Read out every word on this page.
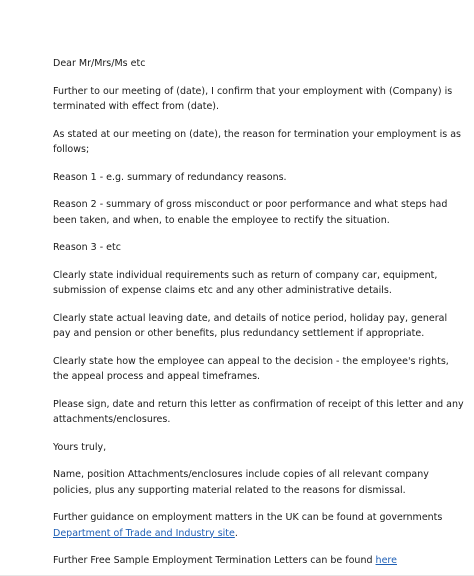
Dear Mr/Mrs/Ms etc

Further to our meeting of (date), I confirm that your employment with (Company) is terminated with effect from (date).

As stated at our meeting on (date), the reason for termination your employment is as follows;

Reason 1 - e.g. summary of redundancy reasons.

Reason 2 - summary of gross misconduct or poor performance and what steps had been taken, and when, to enable the employee to rectify the situation.

Reason 3 - etc

Clearly state individual requirements such as return of company car, equipment, submission of expense claims etc and any other administrative details.

Clearly state actual leaving date, and details of notice period, holiday pay, general pay and pension or other benefits, plus redundancy settlement if appropriate.

Clearly state how the employee can appeal to the decision - the employee's rights, the appeal process and appeal timeframes.

Please sign, date and return this letter as confirmation of receipt of this letter and any attachments/enclosures.

Yours truly,

Name, position Attachments/enclosures include copies of all relevant company policies, plus any supporting material related to the reasons for dismissal.

Further guidance on employment matters in the UK can be found at governments
Department of Trade and Industry site.

Further Free Sample Employment Termination Letters can be found here
